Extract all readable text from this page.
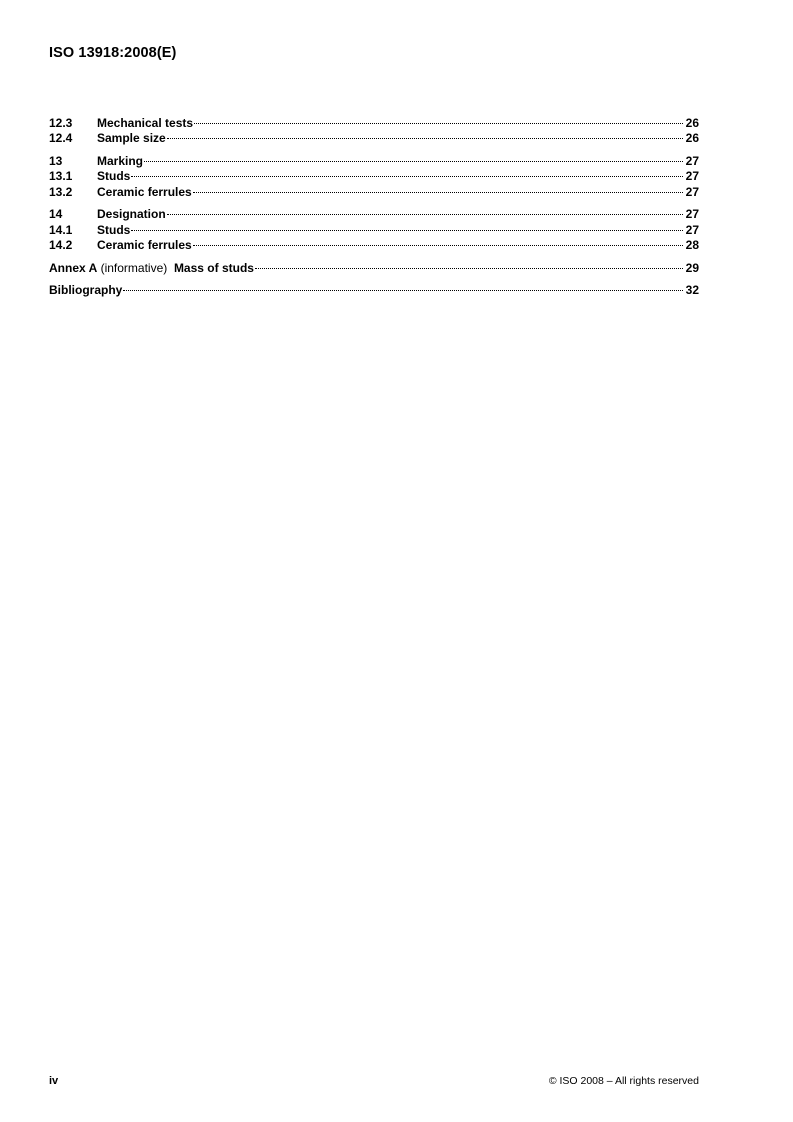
ISO 13918:2008(E)
12.3	Mechanical tests	26
12.4	Sample size	26
13	Marking	27
13.1	Studs	27
13.2	Ceramic ferrules	27
14	Designation	27
14.1	Studs	27
14.2	Ceramic ferrules	28
Annex A (informative) Mass of studs	29
Bibliography	32
iv	© ISO 2008 – All rights reserved
